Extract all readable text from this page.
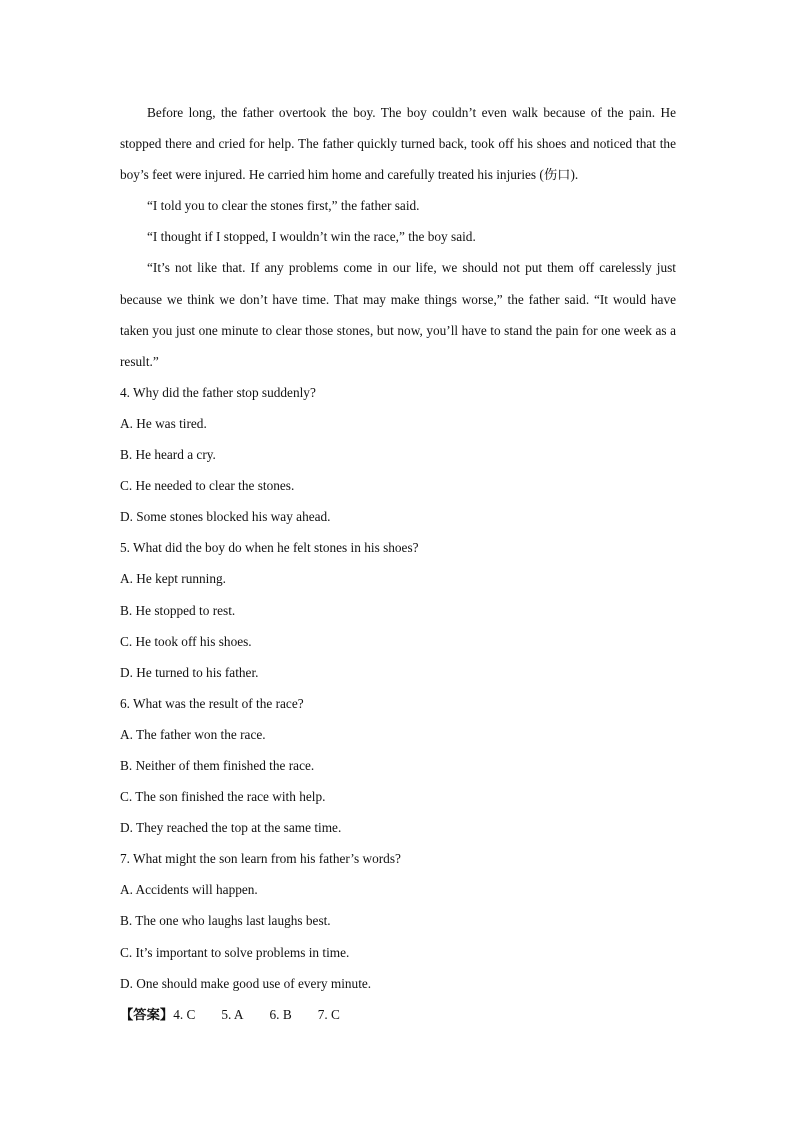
Before long, the father overtook the boy. The boy couldn’t even walk because of the pain. He stopped there and cried for help. The father quickly turned back, took off his shoes and noticed that the boy’s feet were injured. He carried him home and carefully treated his injuries (伤口).

“I told you to clear the stones first,” the father said.

“I thought if I stopped, I wouldn’t win the race,” the boy said.

“It’s not like that. If any problems come in our life, we should not put them off carelessly just because we think we don’t have time. That may make things worse,” the father said. “It would have taken you just one minute to clear those stones, but now, you’ll have to stand the pain for one week as a result.”

4. Why did the father stop suddenly?

A. He was tired.

B. He heard a cry.

C. He needed to clear the stones.

D. Some stones blocked his way ahead.

5. What did the boy do when he felt stones in his shoes?

A. He kept running.

B. He stopped to rest.

C. He took off his shoes.

D. He turned to his father.

6. What was the result of the race?

A. The father won the race.

B. Neither of them finished the race.

C. The son finished the race with help.

D. They reached the top at the same time.

7. What might the son learn from his father’s words?

A. Accidents will happen.

B. The one who laughs last laughs best.

C. It’s important to solve problems in time.

D. One should make good use of every minute.

【答案】4. C 5. A 6. B 7. C
